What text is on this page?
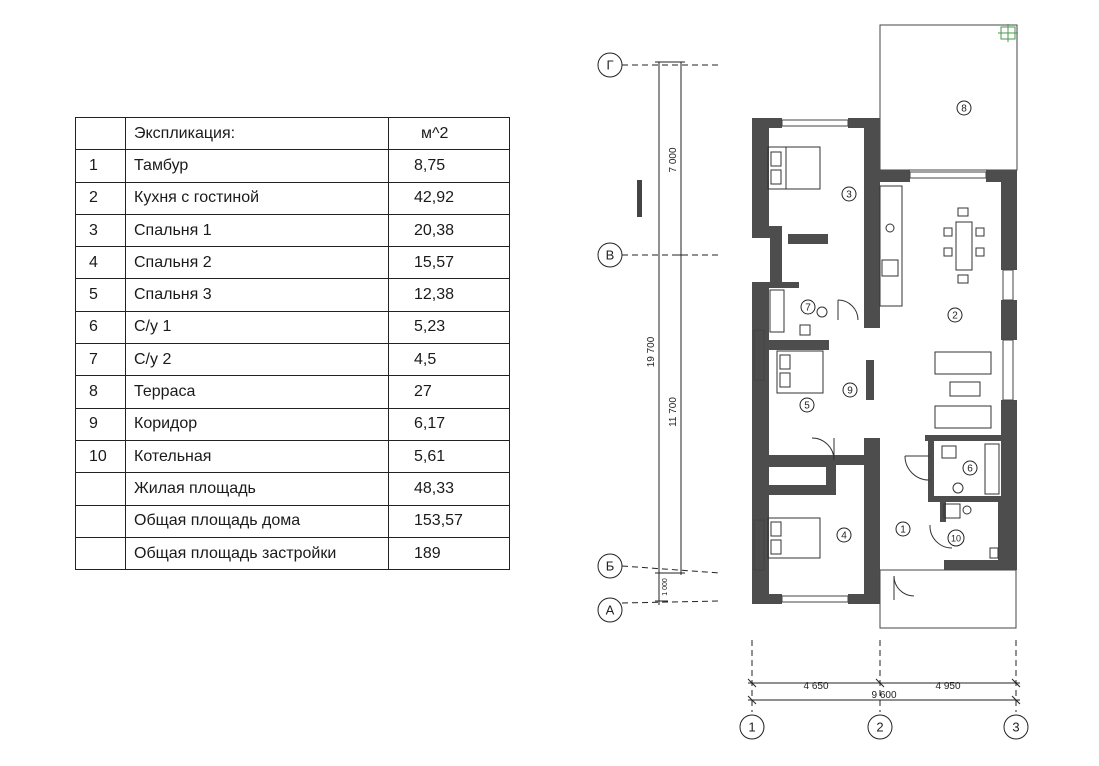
	Экспликация:	м^2
1	Тамбур	8,75
2	Кухня с гостиной	42,92
3	Спальня 1	20,38
4	Спальня 2	15,57
5	Спальня 3	12,38
6	С/у 1	5,23
7	С/у 2	4,5
8	Терраса	27
9	Коридор	6,17
10	Котельная	5,61
	Жилая площадь	48,33
	Общая площадь дома	153,57
	Общая площадь застройки	189
Г
В
Б
А
19 700
7 000
11 700
1 000
1
2
3
4
5
6
7
8
9
10
4 650	4 950
9 600
1	2	3
